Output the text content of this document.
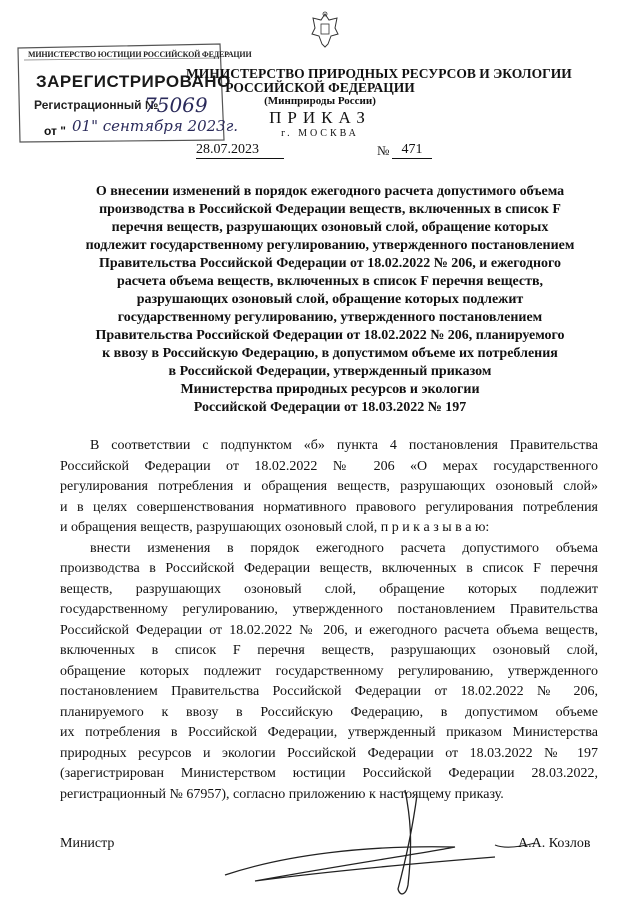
МИНИСТЕРСТВО ЮСТИЦИИ РОССИЙСКОЙ ФЕДЕРАЦИИ
ЗАРЕГИСТРИРОВАНО
Регистрационный №
75069
от " 01" сентября 2023г.
МИНИСТЕРСТВО ПРИРОДНЫХ РЕСУРСОВ И ЭКОЛОГИИ
РОССИЙСКОЙ ФЕДЕРАЦИИ
(Минприроды России)
ПРИКАЗ
г. МОСКВА
28.07.2023	№ 471
О внесении изменений в порядок ежегодного расчета допустимого объема
производства в Российской Федерации веществ, включенных в список F
перечня веществ, разрушающих озоновый слой, обращение которых
подлежит государственному регулированию, утвержденного постановлением
Правительства Российской Федерации от 18.02.2022 № 206, и ежегодного
расчета объема веществ, включенных в список F перечня веществ,
разрушающих озоновый слой, обращение которых подлежит
государственному регулированию, утвержденного постановлением
Правительства Российской Федерации от 18.02.2022 № 206, планируемого
к ввозу в Российскую Федерацию, в допустимом объеме их потребления
в Российской Федерации, утвержденный приказом
Министерства природных ресурсов и экологии
Российской Федерации от 18.03.2022 № 197
В соответствии с подпунктом «б» пункта 4 постановления Правительства
Российской Федерации от 18.02.2022 № 206 «О мерах государственного
регулирования потребления и обращения веществ, разрушающих озоновый слой»
и в целях совершенствования нормативного правового регулирования потребления
и обращения веществ, разрушающих озоновый слой, п р и к а з ы в а ю:
внести изменения в порядок ежегодного расчета допустимого объема
производства в Российской Федерации веществ, включенных в список F перечня
веществ, разрушающих озоновый слой, обращение которых подлежит
государственному регулированию, утвержденного постановлением Правительства
Российской Федерации от 18.02.2022 № 206, и ежегодного расчета объема веществ,
включенных в список F перечня веществ, разрушающих озоновый слой,
обращение которых подлежит государственному регулированию, утвержденного
постановлением Правительства Российской Федерации от 18.02.2022 № 206,
планируемого к ввозу в Российскую Федерацию, в допустимом объеме
их потребления в Российской Федерации, утвержденный приказом Министерства
природных ресурсов и экологии Российской Федерации от 18.03.2022 № 197
(зарегистрирован Министерством юстиции Российской Федерации 28.03.2022,
регистрационный № 67957), согласно приложению к настоящему приказу.
Министр	А.А. Козлов
